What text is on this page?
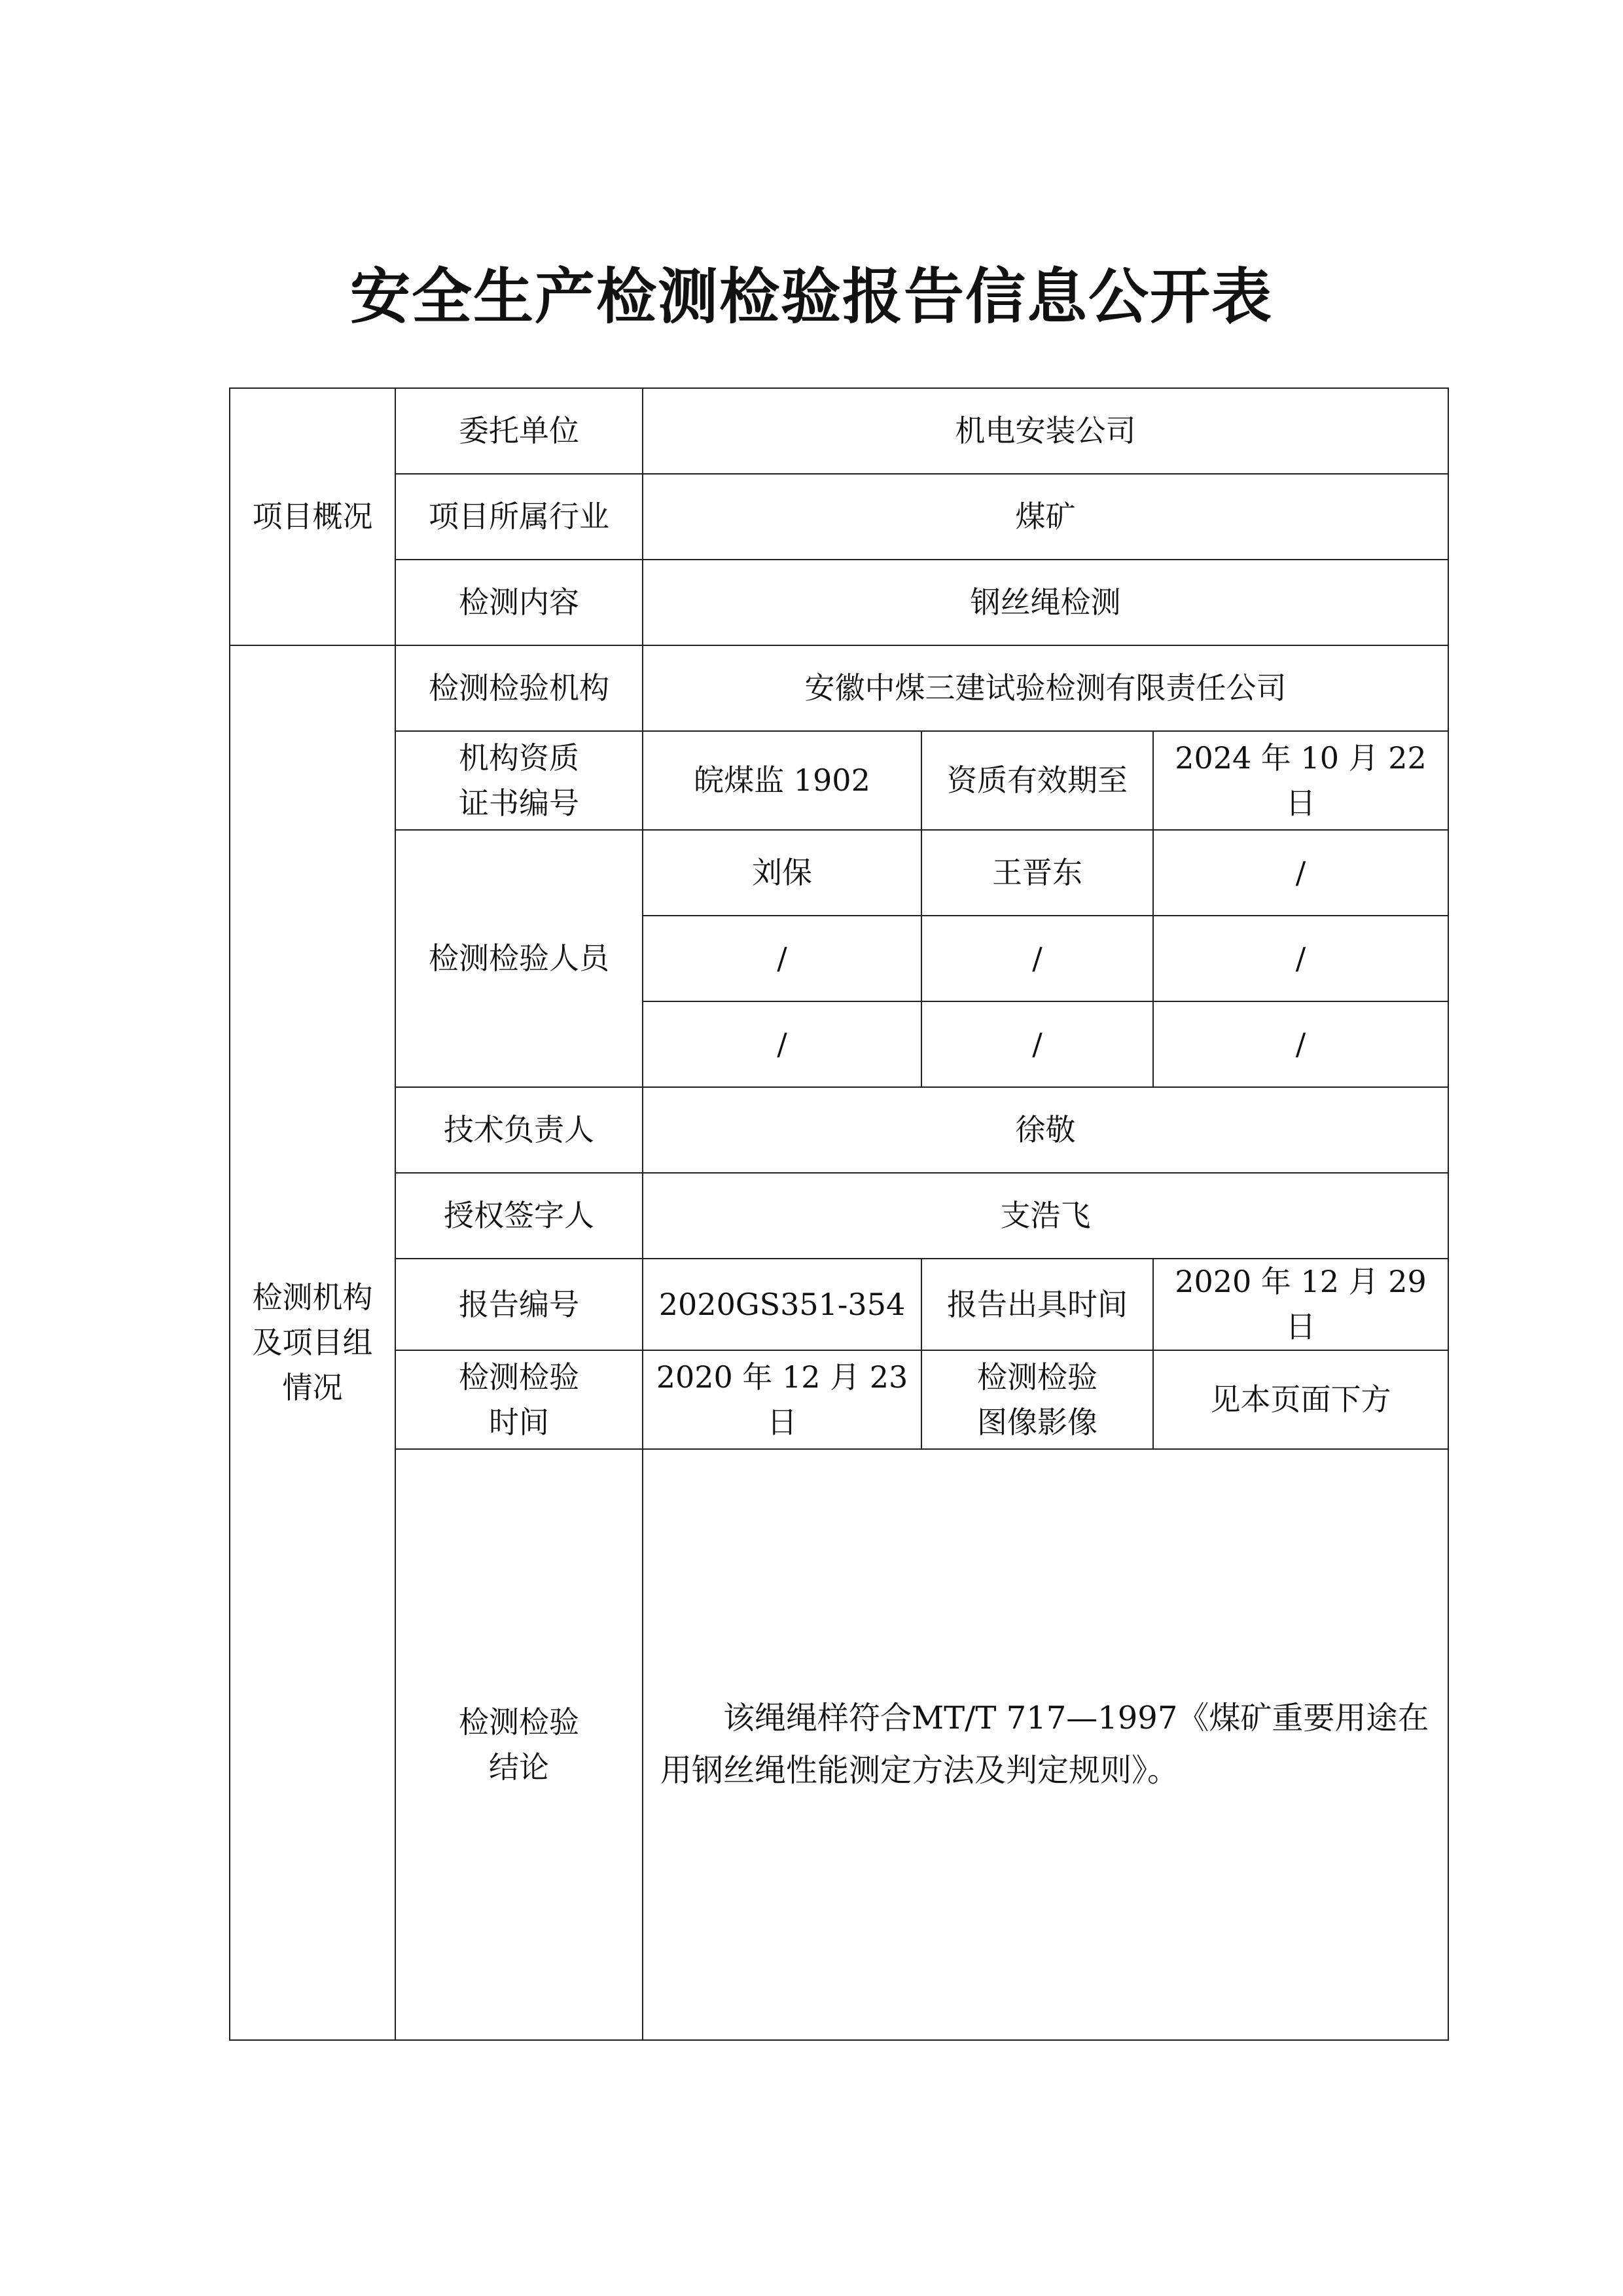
安全生产检测检验报告信息公开表
项目概况	委托单位	机电安装公司		
	项目所属行业	煤矿		
	检测内容	钢丝绳检测		

检测机构
及项目组
情况	检测检验机构	安徽中煤三建试验检测有限责任公司		

	机构资质
证书编号	皖煤监 1902	资质有效期至	2024 年 10 月 22 日
	检测检验人员	刘保	王晋东	/
		/	/	/
		/	/	/
	技术负责人	徐敬		
	授权签字人	支浩飞		
	报告编号	2020GS351-354	报告出具时间	2020 年 12 月 29 日

	检测检验
时间	2020 年 12 月 23 日	检测检验
图像影像	见本页面下方

	检测检验
结论	该绳绳样符合MT/T 717—1997《煤矿重要用途在用钢丝绳性能测定方法及判定规则》。		
